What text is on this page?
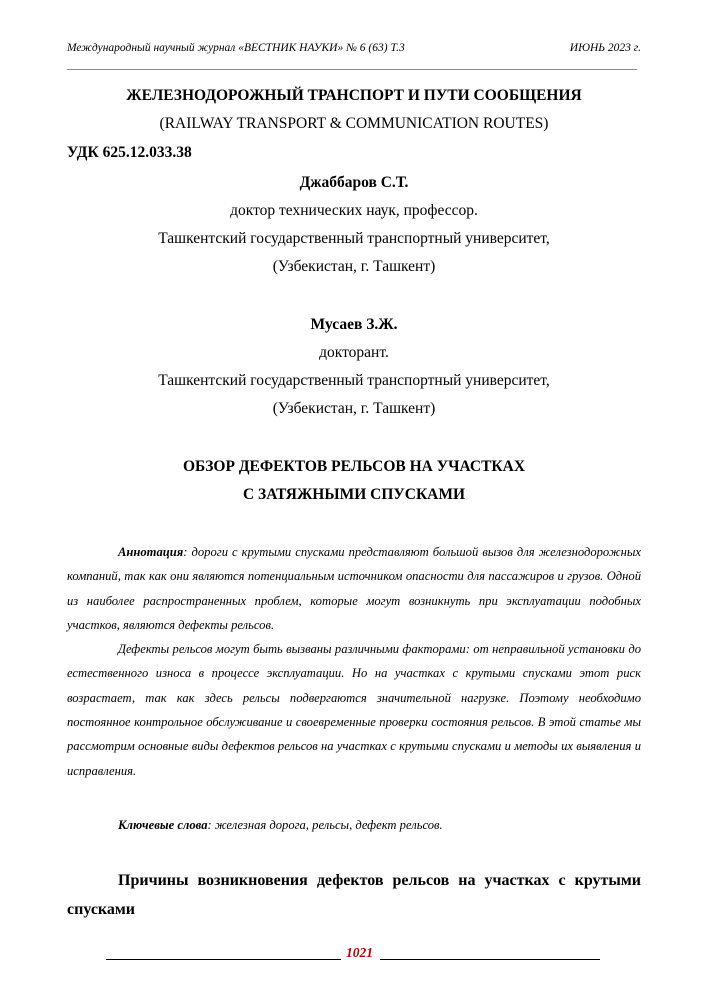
Международный научный журнал «ВЕСТНИК НАУКИ» № 6 (63) Т.3	ИЮНЬ 2023 г.
ЖЕЛЕЗНОДОРОЖНЫЙ ТРАНСПОРТ И ПУТИ СООБЩЕНИЯ
(RAILWAY TRANSPORT & COMMUNICATION ROUTES)
УДК 625.12.033.38
Джаббаров С.Т.
доктор технических наук, профессор.
Ташкентский государственный транспортный университет,
(Узбекистан, г. Ташкент)
Мусаев З.Ж.
докторант.
Ташкентский государственный транспортный университет,
(Узбекистан, г. Ташкент)
ОБЗОР ДЕФЕКТОВ РЕЛЬСОВ НА УЧАСТКАХ
С ЗАТЯЖНЫМИ СПУСКАМИ

Аннотация: дороги с крутыми спусками представляют большой вызов для железнодорожных компаний, так как они являются потенциальным источником опасности для пассажиров и грузов. Одной из наиболее распространенных проблем, которые могут возникнуть при эксплуатации подобных участков, являются дефекты рельсов.

Дефекты рельсов могут быть вызваны различными факторами: от неправильной установки до естественного износа в процессе эксплуатации. Но на участках с крутыми спусками этот риск возрастает, так как здесь рельсы подвергаются значительной нагрузке. Поэтому необходимо постоянное контрольное обслуживание и своевременные проверки состояния рельсов. В этой статье мы рассмотрим основные виды дефектов рельсов на участках с крутыми спусками и методы их выявления и исправления.

Ключевые слова: железная дорога, рельсы, дефект рельсов.
Причины возникновения дефектов рельсов на участках с крутыми спусками
1021
